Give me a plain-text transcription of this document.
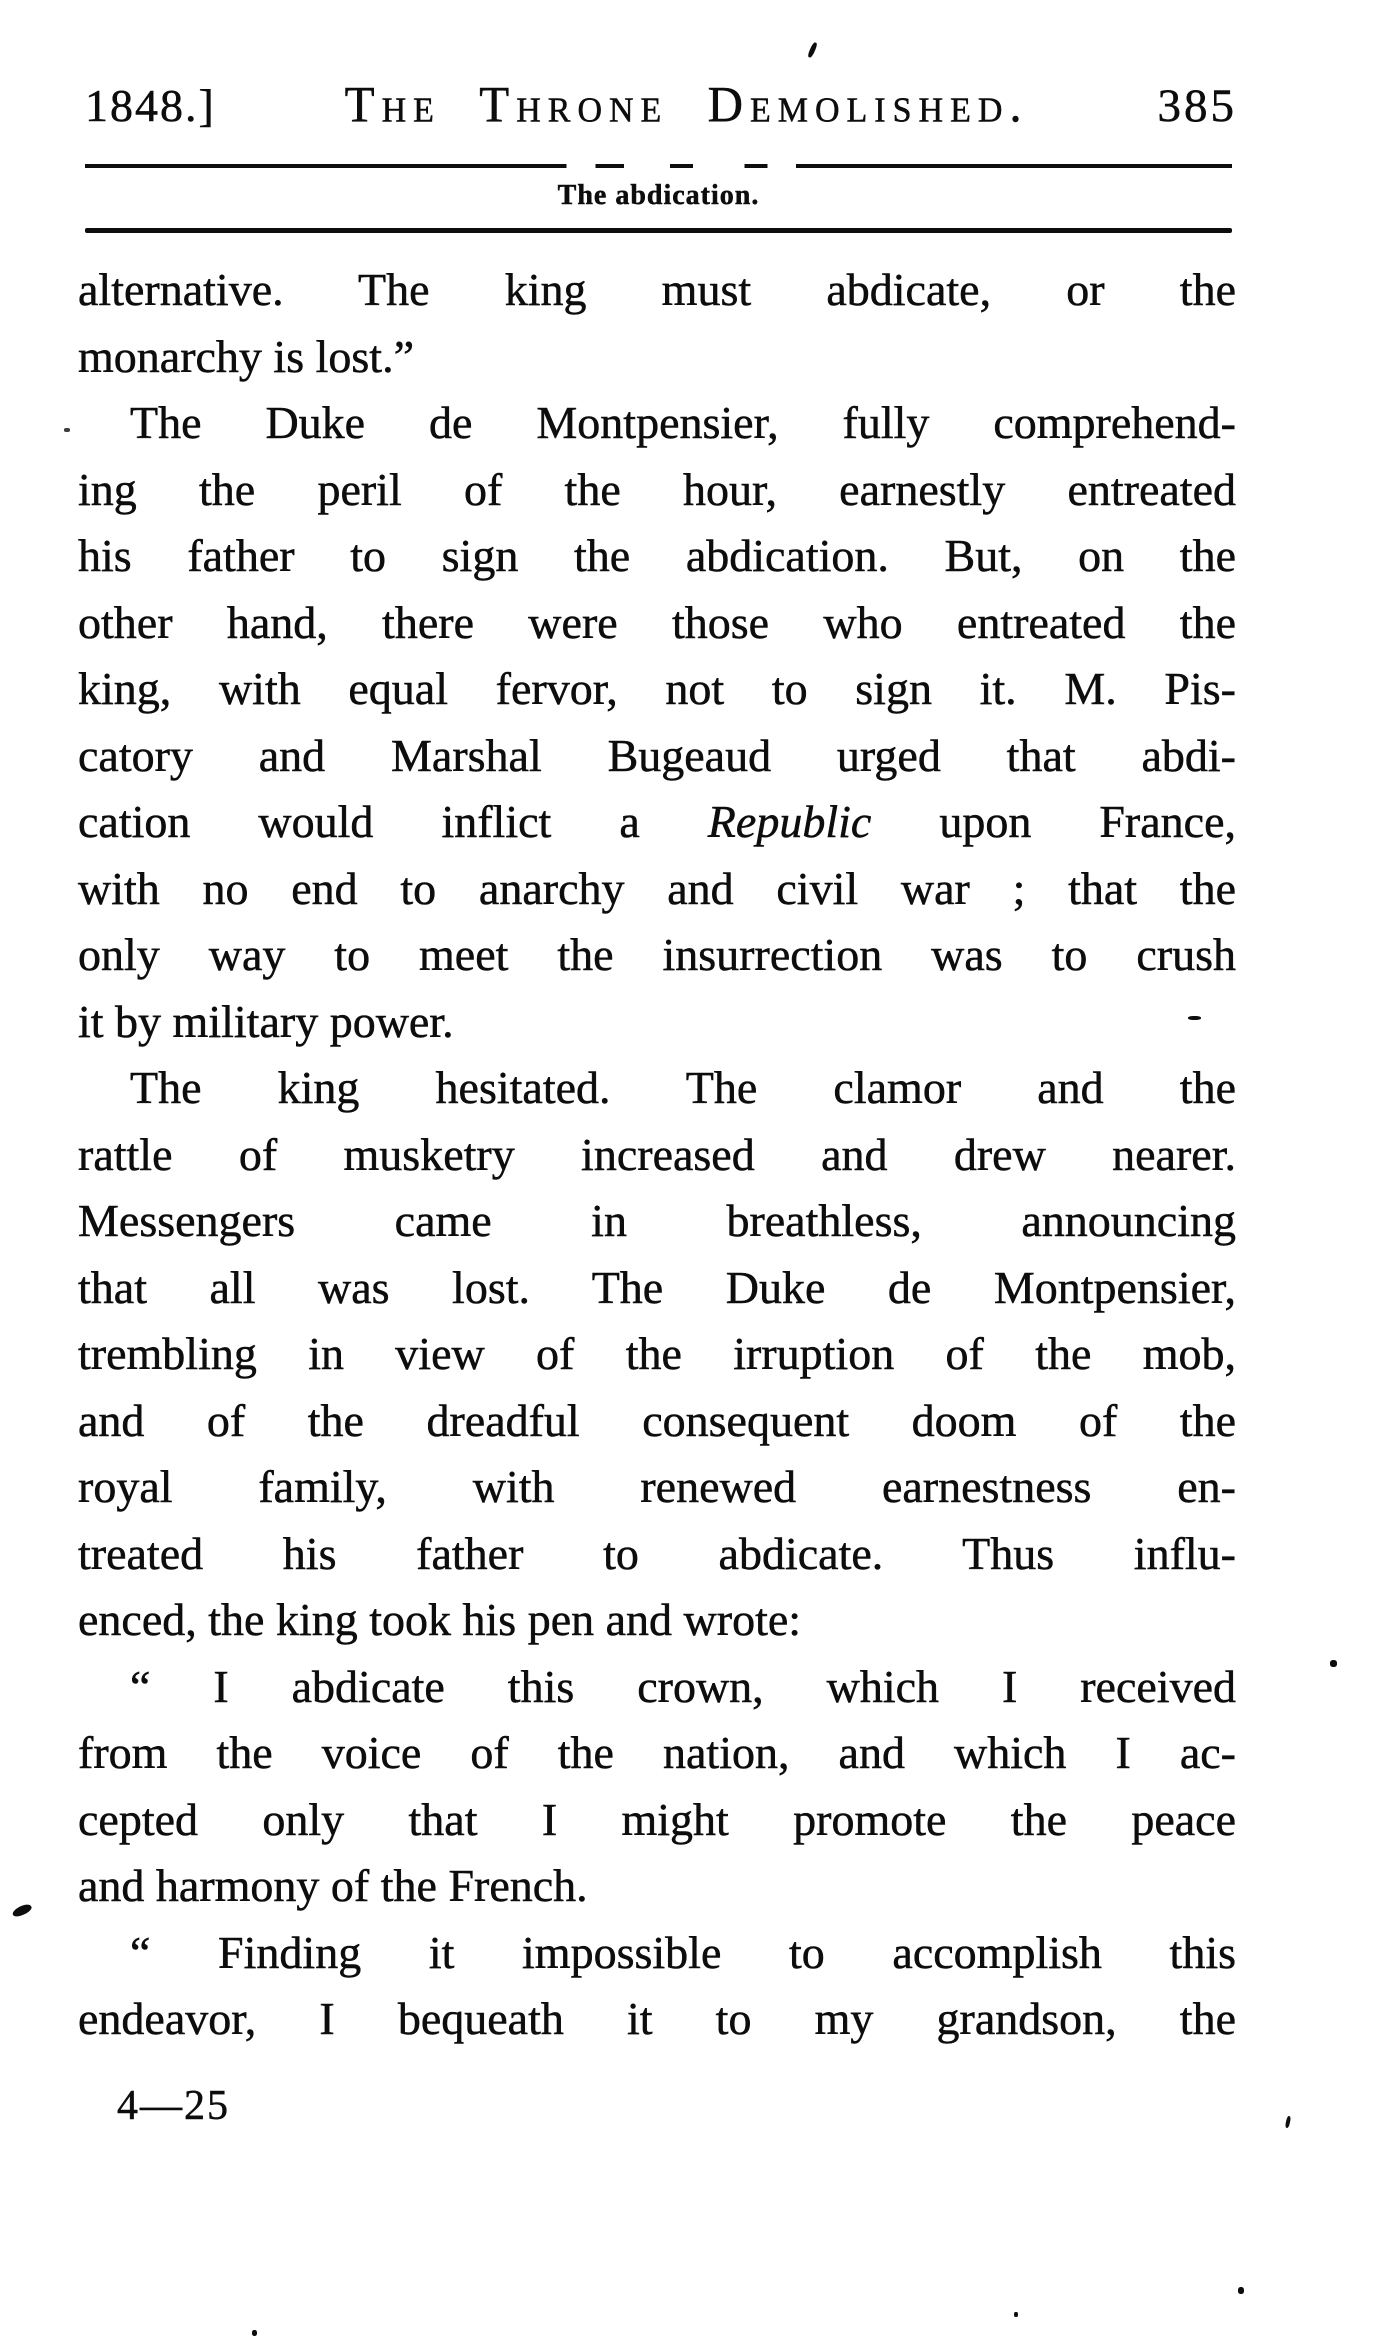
1848.]	The Throne Demolished.	385
The abdication.
alternative. The king must abdicate, or the
monarchy is lost.”
The Duke de Montpensier, fully comprehend-
ing the peril of the hour, earnestly entreated
his father to sign the abdication. But, on the
other hand, there were those who entreated the
king, with equal fervor, not to sign it. M. Pis-
catory and Marshal Bugeaud urged that abdi-
cation would inflict a Republic upon France,
with no end to anarchy and civil war ; that the
only way to meet the insurrection was to crush
it by military power.
The king hesitated. The clamor and the
rattle of musketry increased and drew nearer.
Messengers came in breathless, announcing
that all was lost. The Duke de Montpensier,
trembling in view of the irruption of the mob,
and of the dreadful consequent doom of the
royal family, with renewed earnestness en-
treated his father to abdicate. Thus influ-
enced, the king took his pen and wrote:
“ I abdicate this crown, which I received
from the voice of the nation, and which I ac-
cepted only that I might promote the peace
and harmony of the French.
“ Finding it impossible to accomplish this
endeavor, I bequeath it to my grandson, the
4—25
